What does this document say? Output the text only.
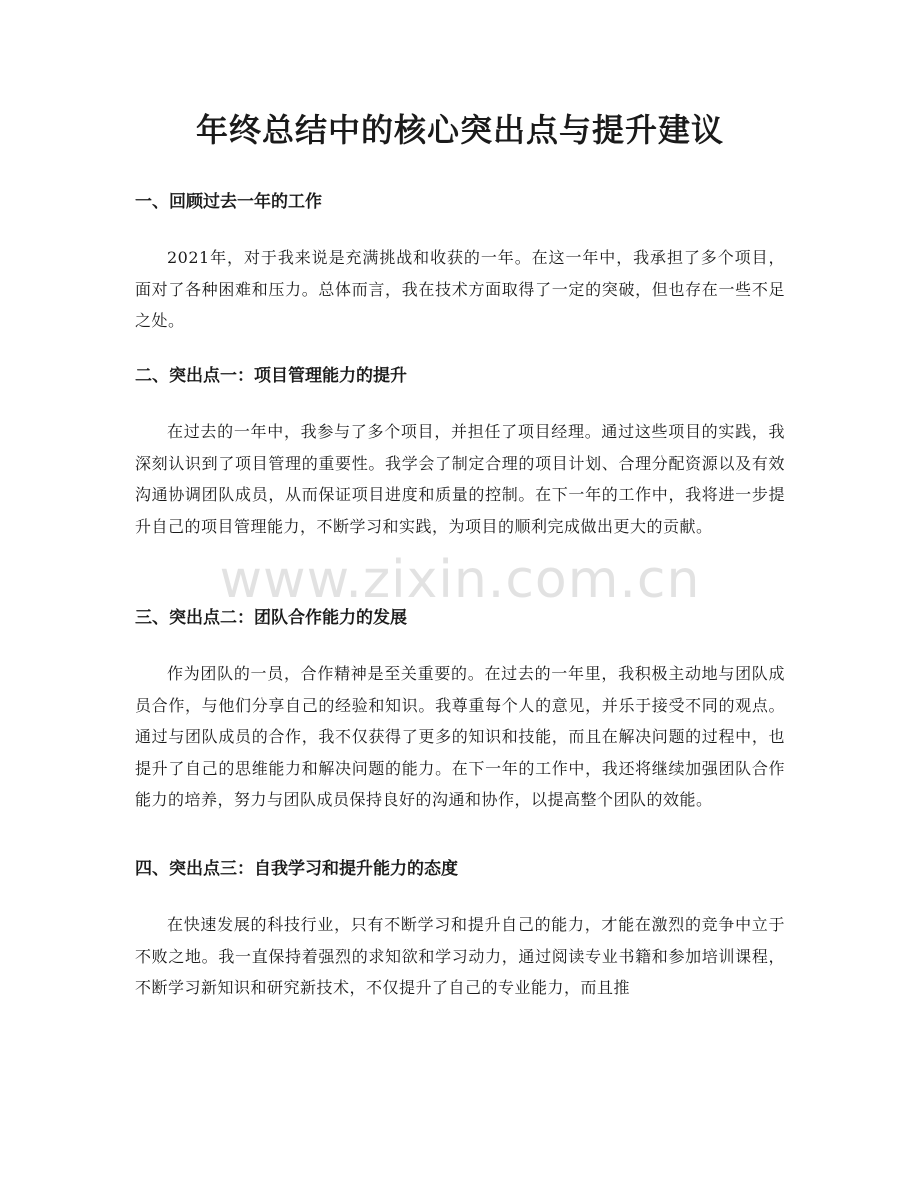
年终总结中的核心突出点与提升建议
一、回顾过去一年的工作

2021年，对于我来说是充满挑战和收获的一年。在这一年中，我承担了多个项目，面对了各种困难和压力。总体而言，我在技术方面取得了一定的突破，但也存在一些不足之处。

二、突出点一：项目管理能力的提升

在过去的一年中，我参与了多个项目，并担任了项目经理。通过这些项目的实践，我深刻认识到了项目管理的重要性。我学会了制定合理的项目计划、合理分配资源以及有效沟通协调团队成员，从而保证项目进度和质量的控制。在下一年的工作中，我将进一步提升自己的项目管理能力，不断学习和实践，为项目的顺利完成做出更大的贡献。

三、突出点二：团队合作能力的发展

作为团队的一员，合作精神是至关重要的。在过去的一年里，我积极主动地与团队成员合作，与他们分享自己的经验和知识。我尊重每个人的意见，并乐于接受不同的观点。通过与团队成员的合作，我不仅获得了更多的知识和技能，而且在解决问题的过程中，也提升了自己的思维能力和解决问题的能力。在下一年的工作中，我还将继续加强团队合作能力的培养，努力与团队成员保持良好的沟通和协作，以提高整个团队的效能。

四、突出点三：自我学习和提升能力的态度

在快速发展的科技行业，只有不断学习和提升自己的能力，才能在激烈的竞争中立于不败之地。我一直保持着强烈的求知欲和学习动力，通过阅读专业书籍和参加培训课程，不断学习新知识和研究新技术，不仅提升了自己的专业能力，而且推

www.zixin.com.cn
